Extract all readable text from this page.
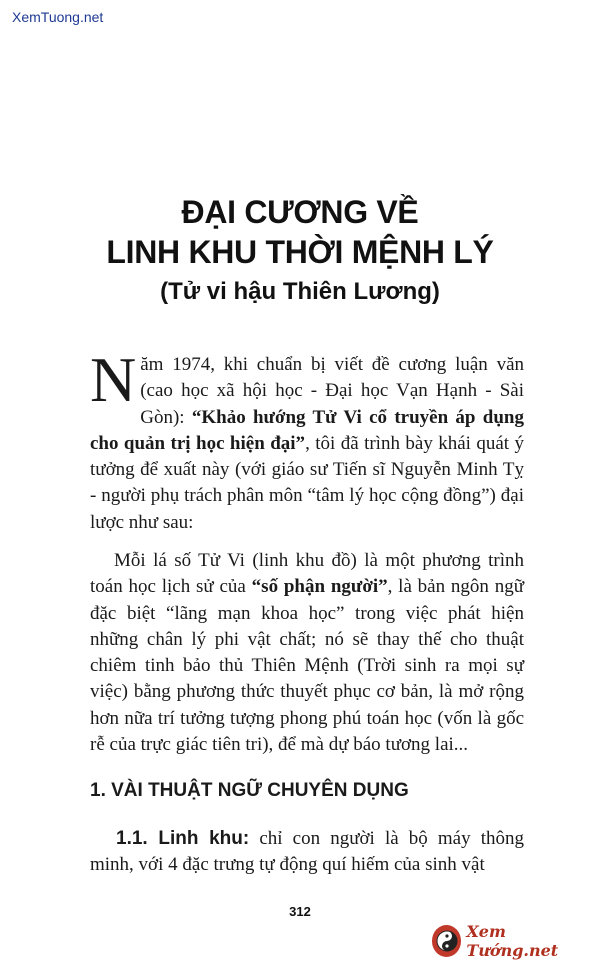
XemTuong.net
ĐẠI CƯƠNG VỀ
LINH KHU THỜI MỆNH LÝ
(Tử vi hậu Thiên Lương)
Năm 1974, khi chuẩn bị viết đề cương luận văn (cao học xã hội học - Đại học Vạn Hạnh - Sài Gòn): “Khảo hướng Tử Vi cổ truyền áp dụng cho quản trị học hiện đại”, tôi đã trình bày khái quát ý tưởng để xuất này (với giáo sư Tiến sĩ Nguyễn Minh Tỵ - người phụ trách phân môn “tâm lý học cộng đồng”) đại lược như sau:
Mỗi lá số Tử Vi (linh khu đồ) là một phương trình toán học lịch sử của “số phận người”, là bản ngôn ngữ đặc biệt “lãng mạn khoa học” trong việc phát hiện những chân lý phi vật chất; nó sẽ thay thế cho thuật chiêm tinh bảo thủ Thiên Mệnh (Trời sinh ra mọi sự việc) bằng phương thức thuyết phục cơ bản, là mở rộng hơn nữa trí tưởng tượng phong phú toán học (vốn là gốc rễ của trực giác tiên tri), để mà dự báo tương lai...
1. VÀI THUẬT NGỮ CHUYÊN DỤNG
1.1. Linh khu: chỉ con người là bộ máy thông minh, với 4 đặc trưng tự động quí hiếm của sinh vật
312
Xem Tướng.net
